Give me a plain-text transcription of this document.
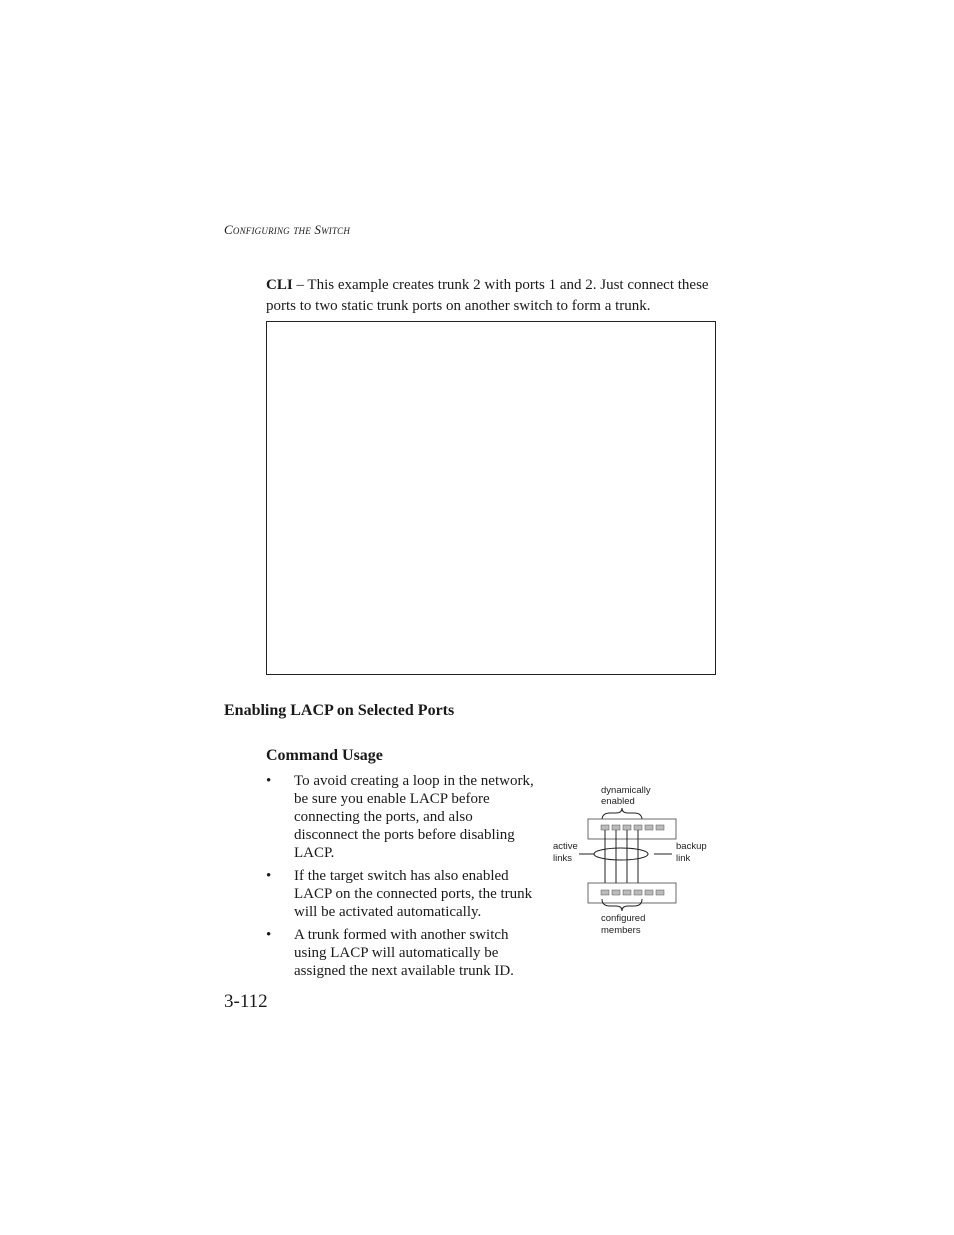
Configuring the Switch
CLI – This example creates trunk 2 with ports 1 and 2. Just connect these ports to two static trunk ports on another switch to form a trunk.
Enabling LACP on Selected Ports
Command Usage
• To avoid creating a loop in the network, be sure you enable LACP before connecting the ports, and also disconnect the ports before disabling LACP.
• If the target switch has also enabled LACP on the connected ports, the trunk will be activated automatically.
• A trunk formed with another switch using LACP will automatically be assigned the next available trunk ID.
dynamically
enabled
active
links
backup
link
configured
members
3-112
